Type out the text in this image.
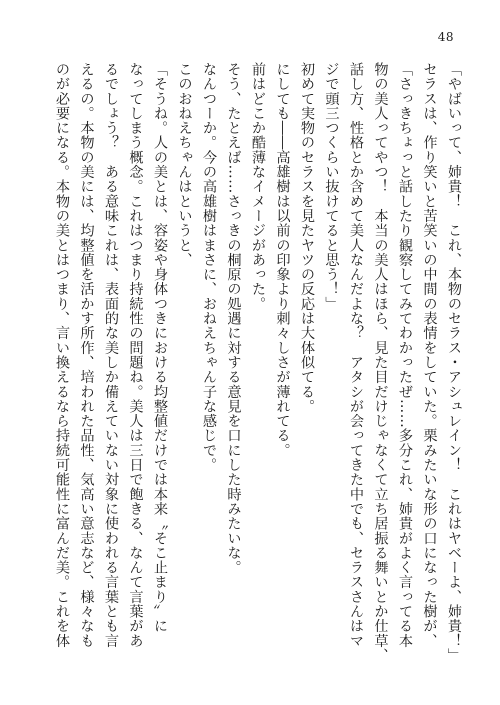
48
「やばいって、姉貴！　これ、本物のセラス・アシュレイン！　これはヤベーよ、姉貴！」
セラスは、作り笑いと苦笑いの中間の表情をしていた。栗みたいな形の口になった樹が、
「さっきちょっと話したり観察してみてわかったぜ……多分これ、姉貴がよく言ってる本
物の美人ってやつ！　本当の美人はほら、見た目だけじゃなくて立ち居振る舞いとか仕草、
話し方、性格とか含めて美人なんだよな？　アタシが会ってきた中でも、セラスさんはマ
ジで頭三つくらい抜けてると思う！」
初めて実物のセラスを見たヤツの反応は大体似てる。
にしても――高雄樹は以前の印象より刺々しさが薄れてる。
前はどこか酷薄なイメージがあった。
そう、たとえば……さっきの桐原の処遇に対する意見を口にした時みたいな。
なんつーか。今の高雄樹はまさに、おねえちゃん子な感じで。
このおねえちゃんはというと、
「そうね。人の美とは、容姿や身体つきにおける均整値だけでは本来〝そこ止まり〟に
なってしまう概念。これはつまり持続性の問題ね。美人は三日で飽きる、なんて言葉があ
るでしょう？　ある意味これは、表面的な美しか備えていない対象に使われる言葉とも言
えるの。本物の美には、均整値を活かす所作、培われた品性、気高い意志など、様々なも
のが必要になる。本物の美とはつまり、言い換えるなら持続可能性に富んだ美。これを体
